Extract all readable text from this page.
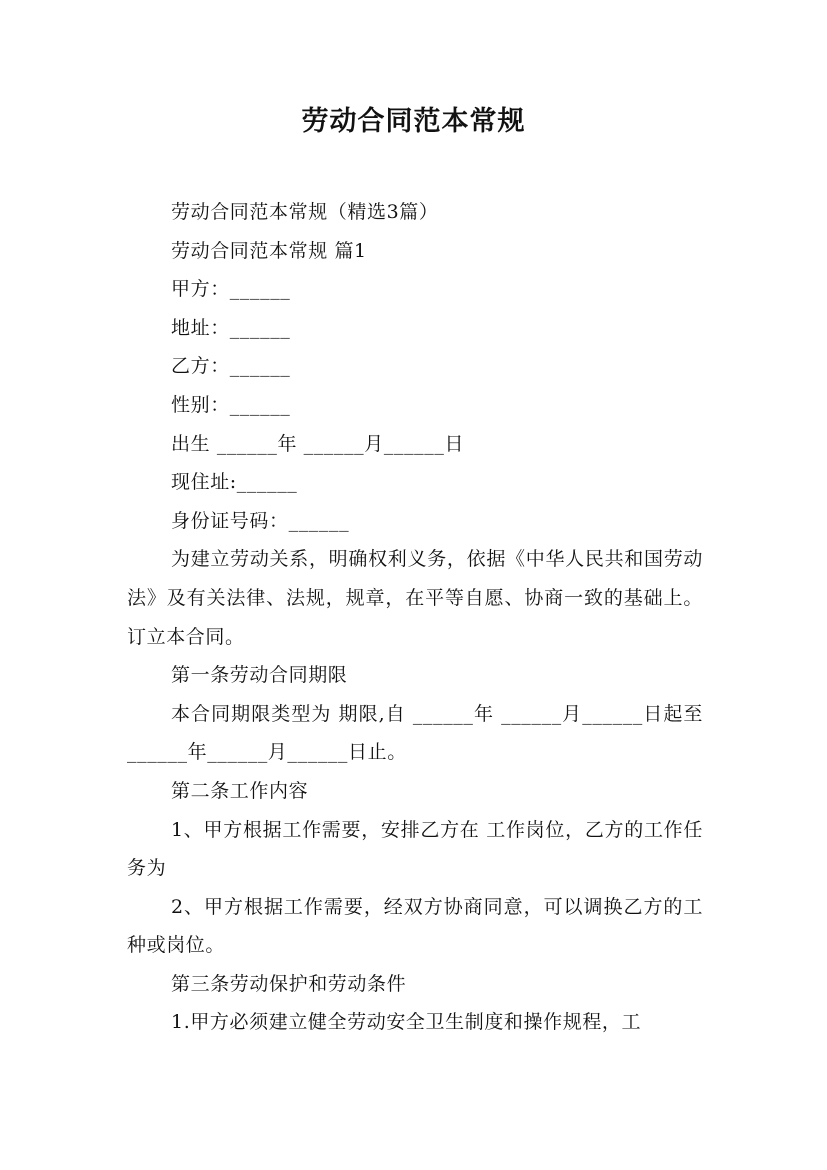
劳动合同范本常规

劳动合同范本常规（精选3篇）

劳动合同范本常规 篇1

甲方：______

地址：______

乙方：______

性别：______

出生 ______年 ______月______日

现住址:______

身份证号码：______

为建立劳动关系，明确权利义务，依据《中华人民共和国劳动法》及有关法律、法规，规章，在平等自愿、协商一致的基础上。订立本合同。

第一条劳动合同期限

本合同期限类型为 期限,自 ______年 ______月______日起至______年______月______日止。

第二条工作内容

1、甲方根据工作需要，安排乙方在 工作岗位，乙方的工作任务为

2、甲方根据工作需要，经双方协商同意，可以调换乙方的工种或岗位。

第三条劳动保护和劳动条件

1.甲方必须建立健全劳动安全卫生制度和操作规程，工
